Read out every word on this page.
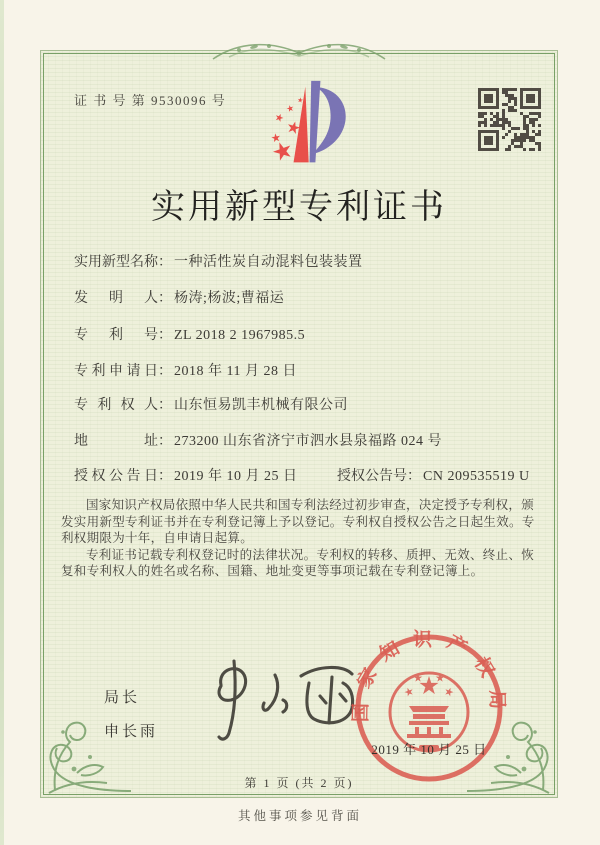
证 书 号 第 9530096 号
实用新型专利证书
实用新型名称： 一种活性炭自动混料包装装置
发明人： 杨涛;杨波;曹福运
专利号： ZL 2018 2 1967985.5
专利申请日： 2018 年 11 月 28 日
专利权人： 山东恒易凯丰机械有限公司
地址： 273200 山东省济宁市泗水县泉福路 024 号
授权公告日： 2019 年 10 月 25 日	授权公告号： CN 209535519 U

国家知识产权局依照中华人民共和国专利法经过初步审查，决定授予专利权，颁发实用新型专利证书并在专利登记簿上予以登记。专利权自授权公告之日起生效。专利权期限为十年，自申请日起算。

专利证书记载专利权登记时的法律状况。专利权的转移、质押、无效、终止、恢复和专利权人的姓名或名称、国籍、地址变更等事项记载在专利登记簿上。

局长
申长雨
国家知识产权局
2019 年 10 月 25 日
第 1 页 (共 2 页)
其他事项参见背面
